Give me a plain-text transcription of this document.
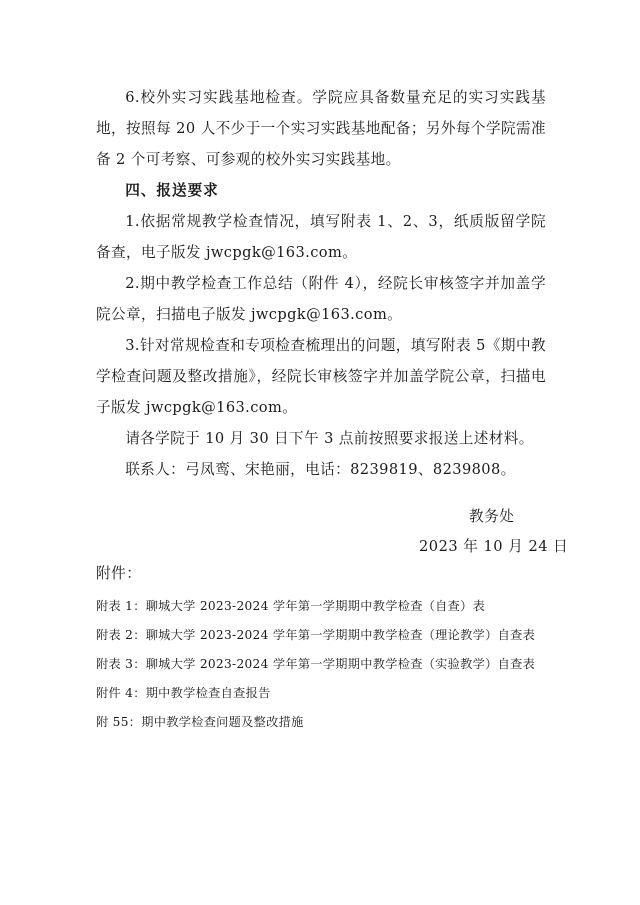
6.校外实习实践基地检查。学院应具备数量充足的实习实践基地，按照每 20 人不少于一个实习实践基地配备；另外每个学院需准备 2 个可考察、可参观的校外实习实践基地。

四、报送要求

1.依据常规教学检查情况，填写附表 1、2、3，纸质版留学院备查，电子版发 jwcpgk@163.com。

2.期中教学检查工作总结（附件 4），经院长审核签字并加盖学院公章，扫描电子版发 jwcpgk@163.com。

3.针对常规检查和专项检查梳理出的问题，填写附表 5《期中教学检查问题及整改措施》，经院长审核签字并加盖学院公章，扫描电子版发 jwcpgk@163.com。

请各学院于 10 月 30 日下午 3 点前按照要求报送上述材料。

联系人：弓凤鸾、宋艳丽，电话：8239819、8239808。

教务处
2023 年 10 月 24 日
附件：
附表 1：聊城大学 2023-2024 学年第一学期期中教学检查（自查）表
附表 2：聊城大学 2023-2024 学年第一学期期中教学检查（理论教学）自查表
附表 3：聊城大学 2023-2024 学年第一学期期中教学检查（实验教学）自查表
附件 4：期中教学检查自查报告
附 55：期中教学检查问题及整改措施
